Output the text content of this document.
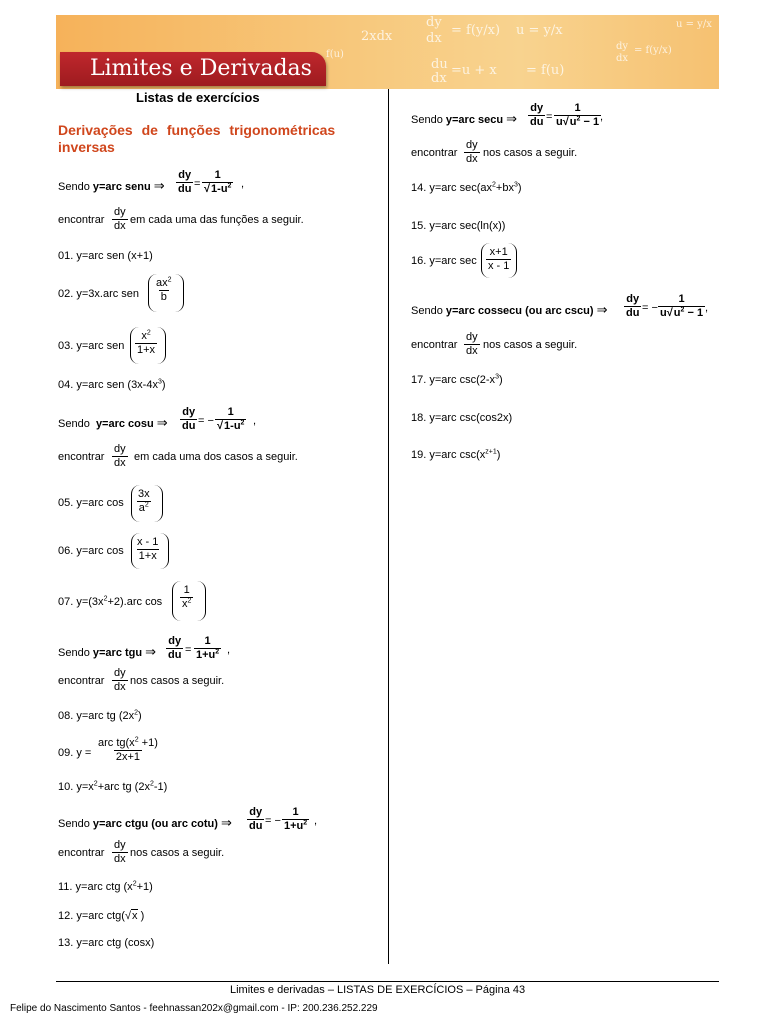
dy
dx
= f(y/x) u = y/x
2xdx
du
dx
=u + x = f(u)
dy
dx
= f(y/x)
u = y/x
f(u)
Limites e Derivadas
Listas de exercícios
Derivações de funções trigonométricas inversas
Sendo y=arc senu ⇒ $\frac{dy}{du} = \frac{1}{√1-u^2}$ ,
encontrar $\frac{dy}{dx}$ em cada uma das funções a seguir.
01. y=arc sen (x+1)
02. y=3x.arc sen $\frac{ax^2}{b}$
03. y=arc sen $\frac{x^2}{1+x}$
04. y=arc sen $(3x-4x^3)$
Sendo y=arc cosu ⇒ $\frac{dy}{du}$ = − $\frac{1}{√1-u^2}$ ,
encontrar $\frac{dy}{dx}$ em cada uma dos casos a seguir.
05. y=arc $\cos \frac{3x}{a^2}$
06. y=arc $\cos \frac{x - 1}{1+x}$
07. $y=(3x^2+2).arc$ $\cos \frac{1}{x^2}$
Sendo y=arc tgu ⇒ $\frac{dy}{du} = \frac{1}{1+u^2}$ ,
encontrar $\frac{dy}{dx}$ nos casos a seguir.
08. y=arc tg $(2x^2)$
09. y =
arc $tg(x^2 +1)$
2x+1
10. $y=x^2+arc$ tg $(2x^2-1)$
Sendo y=arc ctgu (ou arc cotu) ⇒ $\frac{dy}{du}$ = − $\frac{1}{1+u^2}$ ,
encontrar $\frac{dy}{dx}$ nos casos a seguir.
11. y=arc ctg $(x^2+1)$
12. y=arc ctg(√x )
13. y=arc ctg (cosx)
Sendo y=arc secu ⇒ $\frac{dy}{du} = \frac{1}{u√u^2 - 1}$
,
encontrar $\frac{dy}{dx}$ nos casos a seguir.
14. y=arc $\sec(ax^2+bx^3)$
15. y=arc sec(ln(x))
16. y=arc $\sec \frac{x+1}{x - 1}$
Sendo y=arc cossecu (ou arc cscu) ⇒ $\frac{dy}{du}$ = − $\frac{1}{u√u^2 - 1}$ ,
encontrar $\frac{dy}{dx}$ nos casos a seguir.
17. y=arc $\csc(2-x^3)$
18. y=arc csc(cos2x)
19. y=arc $\csc(x^{z+1})$
Limites e derivadas – LISTAS DE EXERCÍCIOS – Página 43
Felipe do Nascimento Santos - feehnassan202x@gmail.com - IP: 200.236.252.229
